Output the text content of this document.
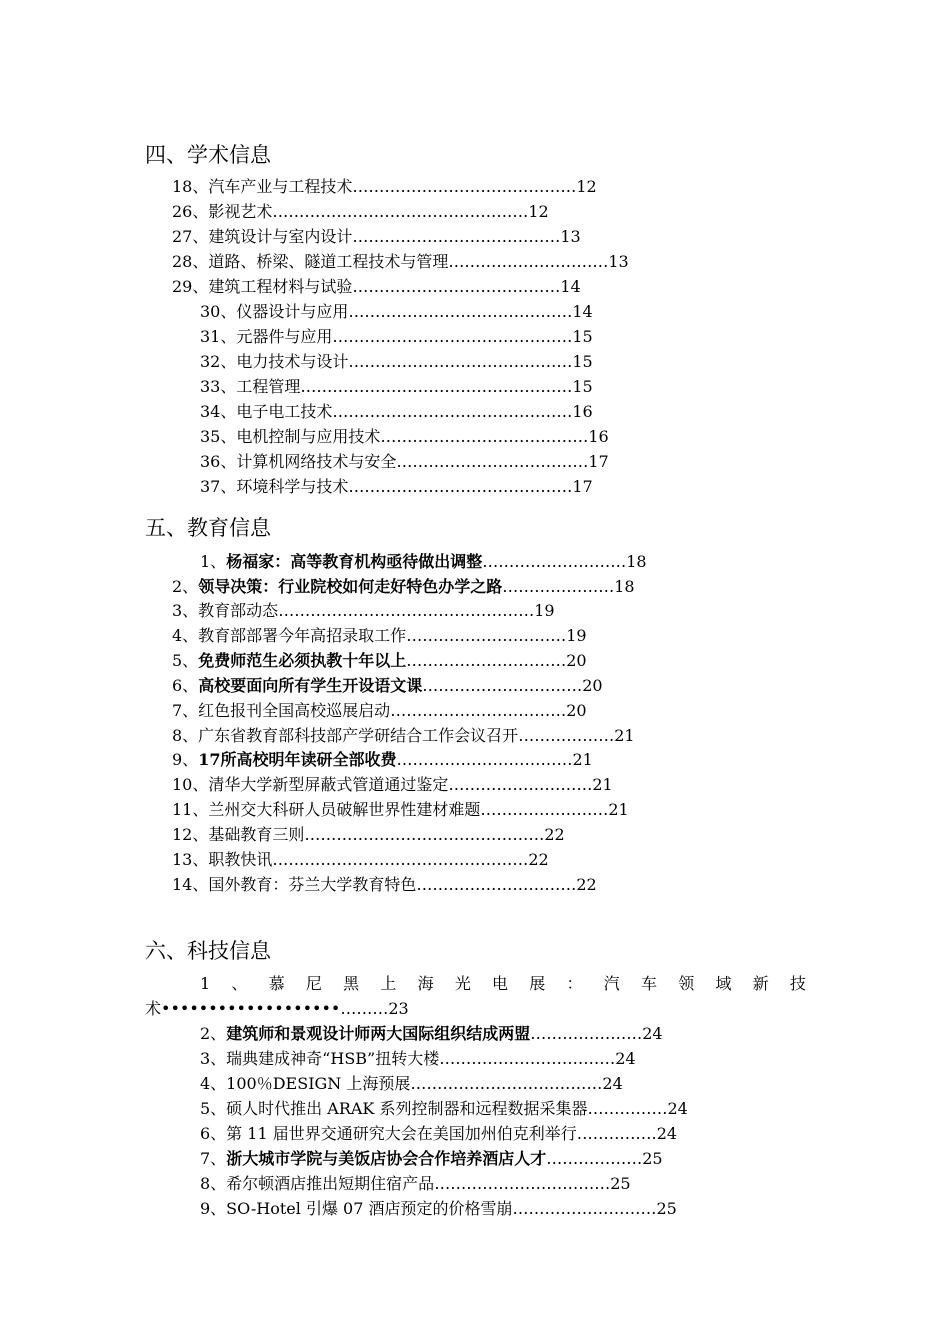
四、学术信息
18、汽车产业与工程技术……………………………………12
26、影视艺术…………………………………………12
27、建筑设计与室内设计…………………………………13
28、道路、桥梁、隧道工程技术与管理…………………………13
29、建筑工程材料与试验…………………………………14
30、仪器设计与应用……………………………………14
31、元器件与应用………………………………………15
32、电力技术与设计……………………………………15
33、工程管理……………………………………………15
34、电子电工技术………………………………………16
35、电机控制与应用技术…………………………………16
36、计算机网络技术与安全………………………………17
37、环境科学与技术……………………………………17
五、教育信息
1、杨福家：高等教育机构亟待做出调整………………………18
2、领导决策：行业院校如何走好特色办学之路…………………18
3、教育部动态…………………………………………19
4、教育部部署今年高招录取工作…………………………19
5、免费师范生必须执教十年以上…………………………20
6、高校要面向所有学生开设语文课…………………………20
7、红色报刊全国高校巡展启动……………………………20
8、广东省教育部科技部产学研结合工作会议召开………………21
9、17所高校明年读研全部收费……………………………21
10、清华大学新型屏蔽式管道通过鉴定………………………21
11、兰州交大科研人员破解世界性建材难题……………………21
12、基础教育三则………………………………………22
13、职教快讯…………………………………………22
14、国外教育：芬兰大学教育特色…………………………22
六、科技信息
1 、 慕 尼 黑 上 海 光 电 展 ： 汽 车 领 域 新 技
术•••••••••••••••••••………23
2、建筑师和景观设计师两大国际组织结成两盟…………………24
3、瑞典建成神奇“HSB”扭转大楼……………………………24
4、100％DESIGN 上海预展………………………………24
5、硕人时代推出 ARAK 系列控制器和远程数据采集器……………24
6、第 11 届世界交通研究大会在美国加州伯克利举行……………24
7、浙大城市学院与美饭店协会合作培养酒店人才………………25
8、希尔顿酒店推出短期住宿产品……………………………25
9、SO-Hotel 引爆 07 酒店预定的价格雪崩………………………25
